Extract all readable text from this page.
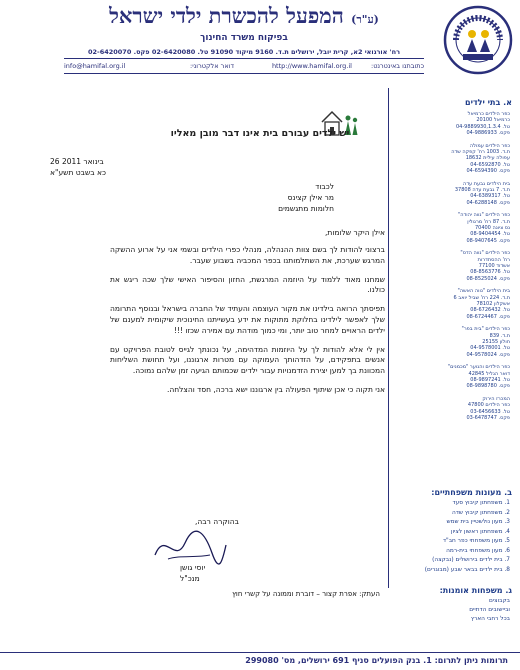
(ע"ר) המפעל להכשרת ילדי ישראל
בפיקוח משרד החינוך
רח' אורגואי 2א, קרית יובל, ירושלים ת.ד. 9160 מיקוד 91090 טל. 02-6420080 פקס. 02-6420070
כתובתנו באינטרנט:
http://www.hamifal.org.il
דואר אלקטרוני:
info@hamifal.org.il
יש ילדים עבורם בית אינו דבר מובן מאליו
26 בינואר 2011
כא בשבט תשע"א
לכבוד
מר אילן קצינס
חלומות מתגשמים
אילן היקר שלומות,

ברצוני להודות לך בשם צוות ההנהלה, מנהלי כפרי הילדים ובשמי אני על ארוע ההשקה המרגש שערכת, את השתלמותנו בכפר המכביה בשבוע שעבר.

שמחנו מאוד ללמוד על היוזמה המרגשת, החזון והסיפור האישי שלך שכה ריגש את כולנו.

תפיסתך הרואה בילדינו את מקור העוצמה והעתיד של החברה בישראל ובנוסף התרומה שלך לאפשר לילדינו בחלוקת מתוקות את ידע בעשייתנו החינוכית שיקומית למענם של ילדים הראויים למחר טוב יותר, ומי כמוך מודהת עם אמירה שכזו !!!

אין לי אלא להודות לך על היוזמות המדהימה, על נכונתך לגייס לטובת הפרויקט עם אנשים בתפקידם, על הזדהותך העמוקה עם מטרות ארגוננו, ועל תחושת השליחות המכוונת בך למען יצירת הזדמנויות עבור ילדים שכמותם הגיעה זמן שלהם נמוכה.

אני תקוה כי אכן שיתוף הפעולה בין ארגוננו ישא ברכה, חסד והצלחה.

בהוקרה רבה,
יוסי גושן
מנכ"ל
העתק: אפרת קצור – דוברת וממונה על קשרי חוץ
א. בתי ילדים
כפר הילדים כרמיאל
כרמיאל 20100
טל. 04-9889930,1.3.4
פקס. 04-9886933
כפר הילדים עמולה
ת.ד. 1003 רח' קפקה שדה
עפולה עילית 18632
טל. 04-6592870
פקס. 04-6594390
בית הילדים גבעת עדה
ת.ד. 7 גבעת עדה 37808
טל. 04-6389317
פקס. 04-6288148
כפר הילדים "נווה יהודה"
ת.ד. 87 רח' מרגולין
נס ציונה 70400
טל. 08-9404454
פקס. 08-9407645
כפר הילדים "נווה הדס"
רח' ההסתדרות
אשדוד 77100
טל. 08-8563776
פקס. 08-8525024
בית הילדים "נווה האשה"
ת.ד. 224 רח' שביל יואב 6
אשקלון 78102
טל. 08-6726432
פקס. 08-6724467
כפר הילדים "בית בפר"
ת.ד. 839
חולון 25155
טל. 04-9578001
פקס. 04-9578024
כפר הילדים והנוער "מכמנים"
דואר הגליל 42845
טל. 08-9897241
פקס. 08-9898780
המכרז הירוק
כפר הילדים 47800
טל. 03-6456633
פקס. 03-6478747
ב. מעונות משפחתיים:
1. משפחתון קיבוץ סעד
2. משפחתון קיבוץ שדה
3. מעון נולשטיין בית שמש
4. משפחתון ראשון לציון
5. מעון משפחתי כפר חב"ד
6. מעון משפחתי בית-רמה
7. בית ילדים בירושלים (נבקצה)
8. בית ילדים בבאר שבע (מבוגרים)
ג. משפחות אומנות:
בקבוצים
וביישובים הדתיים
בכל רחבי הארץ
תרומות ניתן לתרום: 1. בנק הפועלים סניף 691 ירושלים, מס' 299080
